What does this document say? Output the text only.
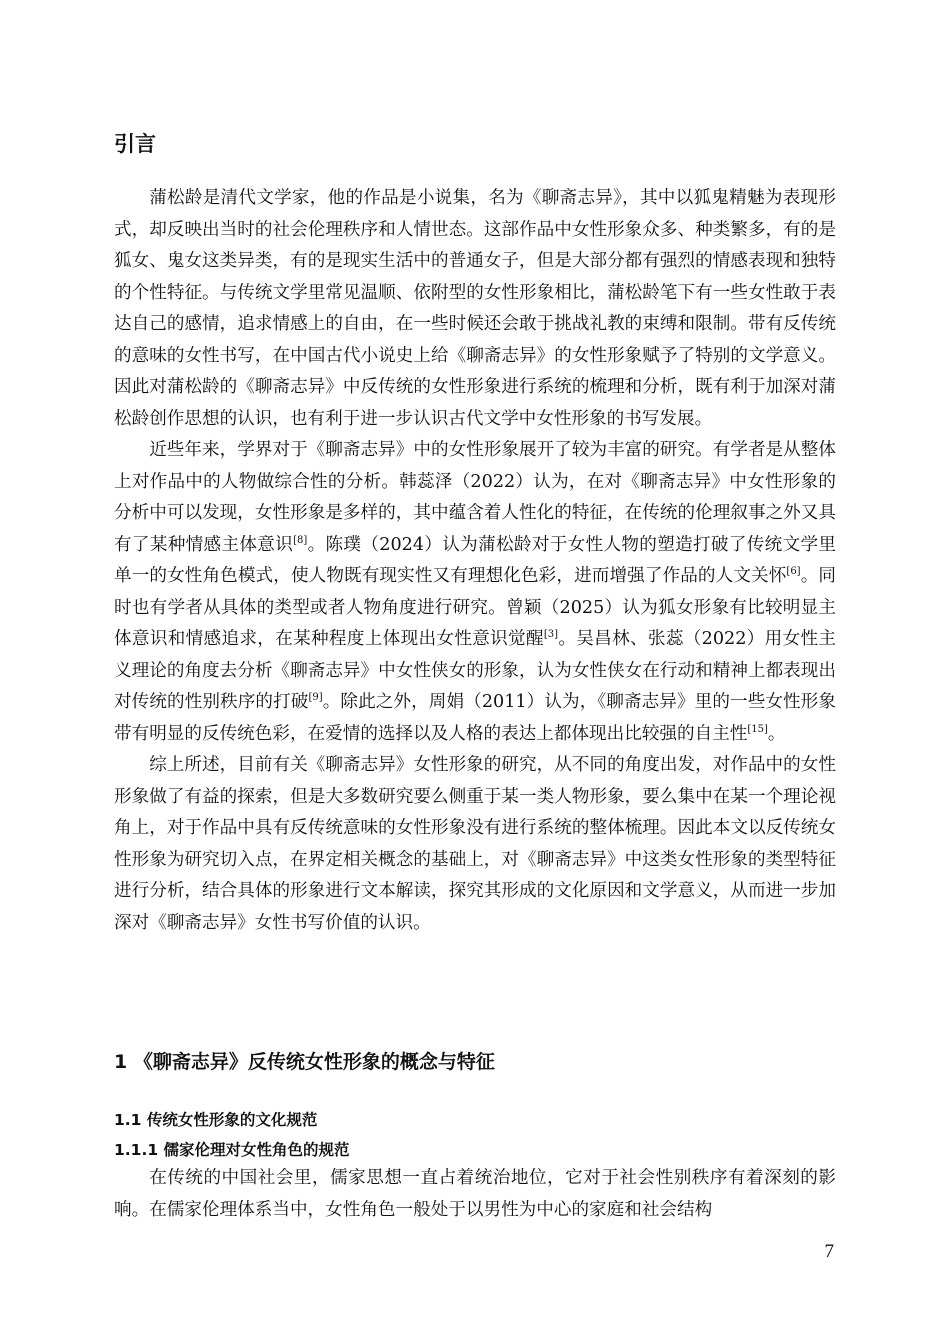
引言

蒲松龄是清代文学家，他的作品是小说集，名为《聊斋志异》，其中以狐鬼精魅为表现形式，却反映出当时的社会伦理秩序和人情世态。这部作品中女性形象众多、种类繁多，有的是狐女、鬼女这类异类，有的是现实生活中的普通女子，但是大部分都有强烈的情感表现和独特的个性特征。与传统文学里常见温顺、依附型的女性形象相比，蒲松龄笔下有一些女性敢于表达自己的感情，追求情感上的自由，在一些时候还会敢于挑战礼教的束缚和限制。带有反传统的意味的女性书写，在中国古代小说史上给《聊斋志异》的女性形象赋予了特别的文学意义。因此对蒲松龄的《聊斋志异》中反传统的女性形象进行系统的梳理和分析，既有利于加深对蒲松龄创作思想的认识，也有利于进一步认识古代文学中女性形象的书写发展。

近些年来，学界对于《聊斋志异》中的女性形象展开了较为丰富的研究。有学者是从整体上对作品中的人物做综合性的分析。韩蕊泽（2022）认为，在对《聊斋志异》中女性形象的分析中可以发现，女性形象是多样的，其中蕴含着人性化的特征，在传统的伦理叙事之外又具有了某种情感主体意识[8]。陈璞（2024）认为蒲松龄对于女性人物的塑造打破了传统文学里单一的女性角色模式，使人物既有现实性又有理想化色彩，进而增强了作品的人文关怀[6]。同时也有学者从具体的类型或者人物角度进行研究。曾颖（2025）认为狐女形象有比较明显主体意识和情感追求，在某种程度上体现出女性意识觉醒[3]。吴昌林、张蕊（2022）用女性主义理论的角度去分析《聊斋志异》中女性侠女的形象，认为女性侠女在行动和精神上都表现出对传统的性别秩序的打破[9]。除此之外，周娟（2011）认为，《聊斋志异》里的一些女性形象带有明显的反传统色彩，在爱情的选择以及人格的表达上都体现出比较强的自主性[15]。

综上所述，目前有关《聊斋志异》女性形象的研究，从不同的角度出发，对作品中的女性形象做了有益的探索，但是大多数研究要么侧重于某一类人物形象，要么集中在某一个理论视角上，对于作品中具有反传统意味的女性形象没有进行系统的整体梳理。因此本文以反传统女性形象为研究切入点，在界定相关概念的基础上，对《聊斋志异》中这类女性形象的类型特征进行分析，结合具体的形象进行文本解读，探究其形成的文化原因和文学意义，从而进一步加深对《聊斋志异》女性书写价值的认识。

1 《聊斋志异》反传统女性形象的概念与特征
1.1 传统女性形象的文化规范
1.1.1 儒家伦理对女性角色的规范

在传统的中国社会里，儒家思想一直占着统治地位，它对于社会性别秩序有着深刻的影响。在儒家伦理体系当中，女性角色一般处于以男性为中心的家庭和社会结构

7
